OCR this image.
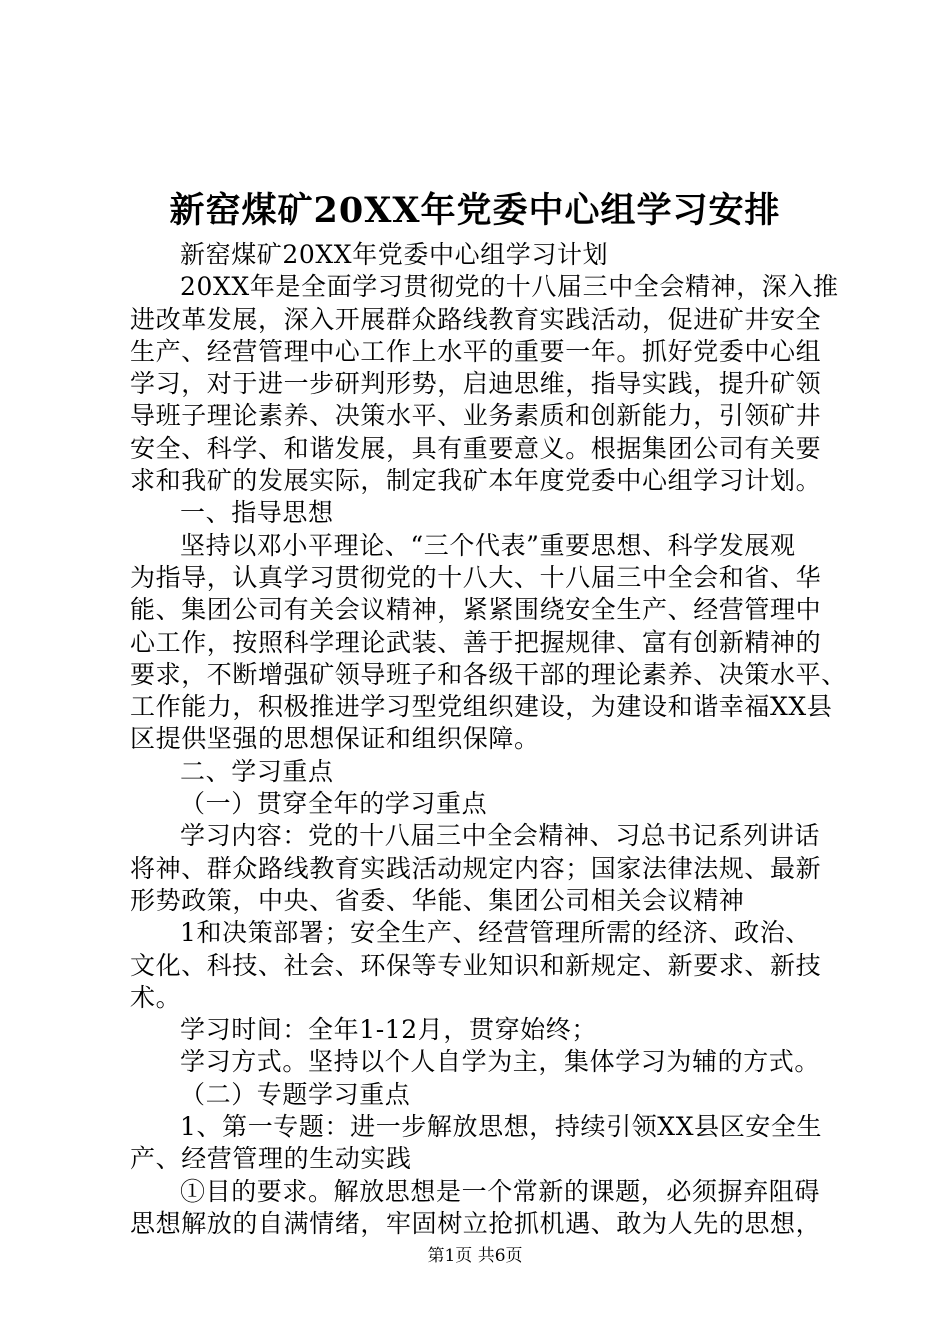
新窑煤矿20XX年党委中心组学习安排
新窑煤矿20XX年党委中心组学习计划
20XX年是全面学习贯彻党的十八届三中全会精神，深入推
进改革发展，深入开展群众路线教育实践活动，促进矿井安全
生产、经营管理中心工作上水平的重要一年。抓好党委中心组
学习，对于进一步研判形势，启迪思维，指导实践，提升矿领
导班子理论素养、决策水平、业务素质和创新能力，引领矿井
安全、科学、和谐发展，具有重要意义。根据集团公司有关要
求和我矿的发展实际，制定我矿本年度党委中心组学习计划。
一、指导思想
坚持以邓小平理论、“三个代表”重要思想、科学发展观
为指导，认真学习贯彻党的十八大、十八届三中全会和省、华
能、集团公司有关会议精神，紧紧围绕安全生产、经营管理中
心工作，按照科学理论武装、善于把握规律、富有创新精神的
要求，不断增强矿领导班子和各级干部的理论素养、决策水平、
工作能力，积极推进学习型党组织建设，为建设和谐幸福XX县
区提供坚强的思想保证和组织保障。
二、学习重点
（一）贯穿全年的学习重点
学习内容：党的十八届三中全会精神、习总书记系列讲话
将神、群众路线教育实践活动规定内容；国家法律法规、最新
形势政策，中央、省委、华能、集团公司相关会议精神
1和决策部署；安全生产、经营管理所需的经济、政治、
文化、科技、社会、环保等专业知识和新规定、新要求、新技
术。
学习时间：全年1-12月，贯穿始终；
学习方式。坚持以个人自学为主，集体学习为辅的方式。
（二）专题学习重点
1、第一专题：进一步解放思想，持续引领XX县区安全生
产、经营管理的生动实践
①目的要求。解放思想是一个常新的课题，必须摒弃阻碍
思想解放的自满情绪，牢固树立抢抓机遇、敢为人先的思想，
第1页 共6页
